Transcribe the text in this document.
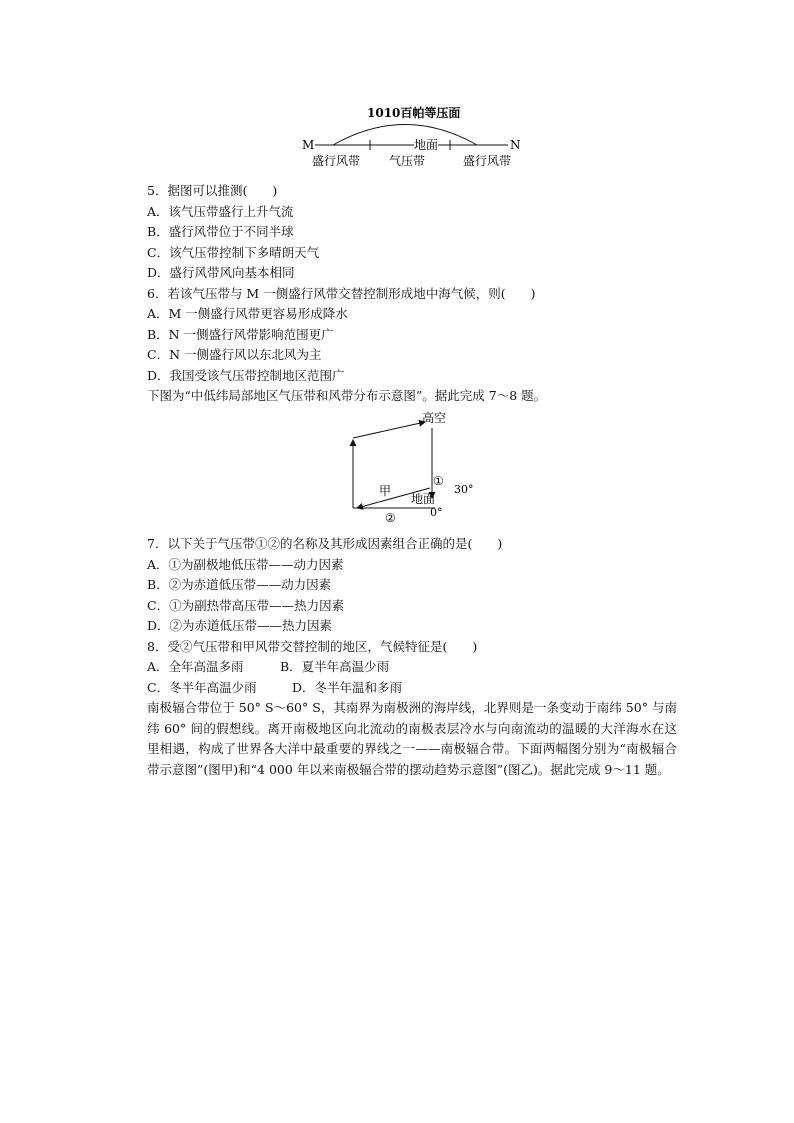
1010百帕等压面
M	地面	N
盛行风带 气压带	盛行风带
5．据图可以推测(　　)
A．该气压带盛行上升气流
B．盛行风带位于不同半球
C．该气压带控制下多晴朗天气
D．盛行风带风向基本相同
6．若该气压带与 M 一侧盛行风带交替控制形成地中海气候，则(　　)
A．M 一侧盛行风带更容易形成降水
B．N 一侧盛行风带影响范围更广
C．N 一侧盛行风以东北风为主
D．我国受该气压带控制地区范围广
下图为“中低纬局部地区气压带和风带分布示意图”。据此完成 7～8 题。
高空
①
30°
甲
地面
②	0°
7．以下关于气压带①②的名称及其形成因素组合正确的是(　　)
A．①为副极地低压带——动力因素
B．②为赤道低压带——动力因素
C．①为副热带高压带——热力因素
D．②为赤道低压带——热力因素
8．受②气压带和甲风带交替控制的地区，气候特征是(　　)
A．全年高温多雨	B．夏半年高温少雨
C．冬半年高温少雨	D．冬半年温和多雨
南极辐合带位于 50° S～60° S，其南界为南极洲的海岸线，北界则是一条变动于南纬 50° 与南纬 60° 间的假想线。离开南极地区向北流动的南极表层冷水与向南流动的温暖的大洋海水在这里相遇，构成了世界各大洋中最重要的界线之一——南极辐合带。下面两幅图分别为“南极辐合带示意图”(图甲)和“4 000 年以来南极辐合带的摆动趋势示意图”(图乙)。据此完成 9～11 题。
